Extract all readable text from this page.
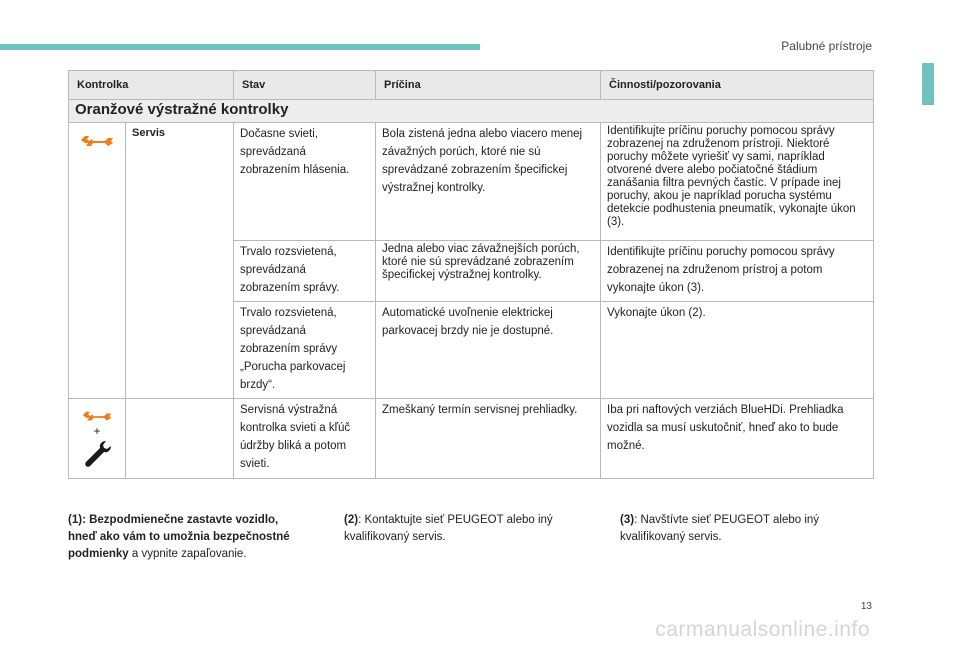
Palubné prístroje
Kontrolka		Stav	Príčina	Činnosti/pozorovania
Oranžové výstražné kontrolky				

	Servis	Dočasne svieti, sprevádzaná zobrazením hlásenia.	Bola zistená jedna alebo viacero menej závažných porúch, ktoré nie sú sprevádzané zobrazením špecifickej výstražnej kontrolky.	Identifikujte príčinu poruchy pomocou správy zobrazenej na združenom prístroji. Niektoré poruchy môžete vyriešiť vy sami, napríklad otvorené dvere alebo počiatočné štádium zanášania filtra pevných častíc. V prípade inej poruchy, akou je napríklad porucha systému detekcie podhustenia pneumatík, vykonajte úkon (3).
		Trvalo rozsvietená, sprevádzaná zobrazením správy.	Jedna alebo viac závažnejších porúch, ktoré nie sú sprevádzané zobrazením špecifickej výstražnej kontrolky.	Identifikujte príčinu poruchy pomocou správy zobrazenej na združenom prístroj a potom vykonajte úkon (3).
		Trvalo rozsvietená, sprevádzaná zobrazením správy „Porucha parkovacej brzdy“.	Automatické uvoľnenie elektrickej parkovacej brzdy nie je dostupné.	Vykonajte úkon (2).

+		Servisná výstražná kontrolka svieti a kľúč údržby bliká a potom svieti.	Zmeškaný termín servisnej prehliadky.	Iba pri naftových verziách BlueHDi. Prehliadka vozidla sa musí uskutočniť, hneď ako to bude možné.
(1): Bezpodmienečne zastavte vozidlo, hneď ako vám to umožnia bezpečnostné podmienky a vypnite zapaľovanie.
(2): Kontaktujte sieť PEUGEOT alebo iný kvalifikovaný servis.
(3): Navštívte sieť PEUGEOT alebo iný kvalifikovaný servis.
13
carmanualsonline.info
